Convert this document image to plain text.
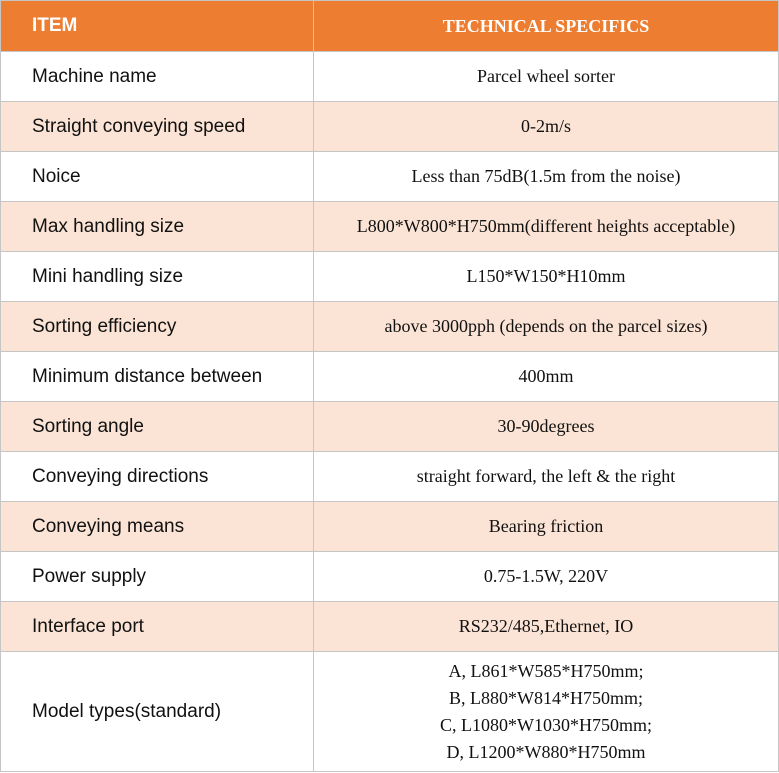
ITEM	TECHNICAL SPECIFICS
Machine name	Parcel wheel sorter
Straight conveying speed	0-2m/s
Noice	Less than 75dB(1.5m from the noise)
Max handling size	L800*W800*H750mm(different heights acceptable)
Mini handling size	L150*W150*H10mm
Sorting efficiency	above 3000pph (depends on the parcel sizes)
Minimum distance between	400mm
Sorting angle	30-90degrees
Conveying directions	straight forward, the left & the right
Conveying means	Bearing friction
Power supply	0.75-1.5W, 220V
Interface port	RS232/485,Ethernet, IO
Model types(standard)	A, L861*W585*H750mm;
B, L880*W814*H750mm;
C, L1080*W1030*H750mm;
D, L1200*W880*H750mm
